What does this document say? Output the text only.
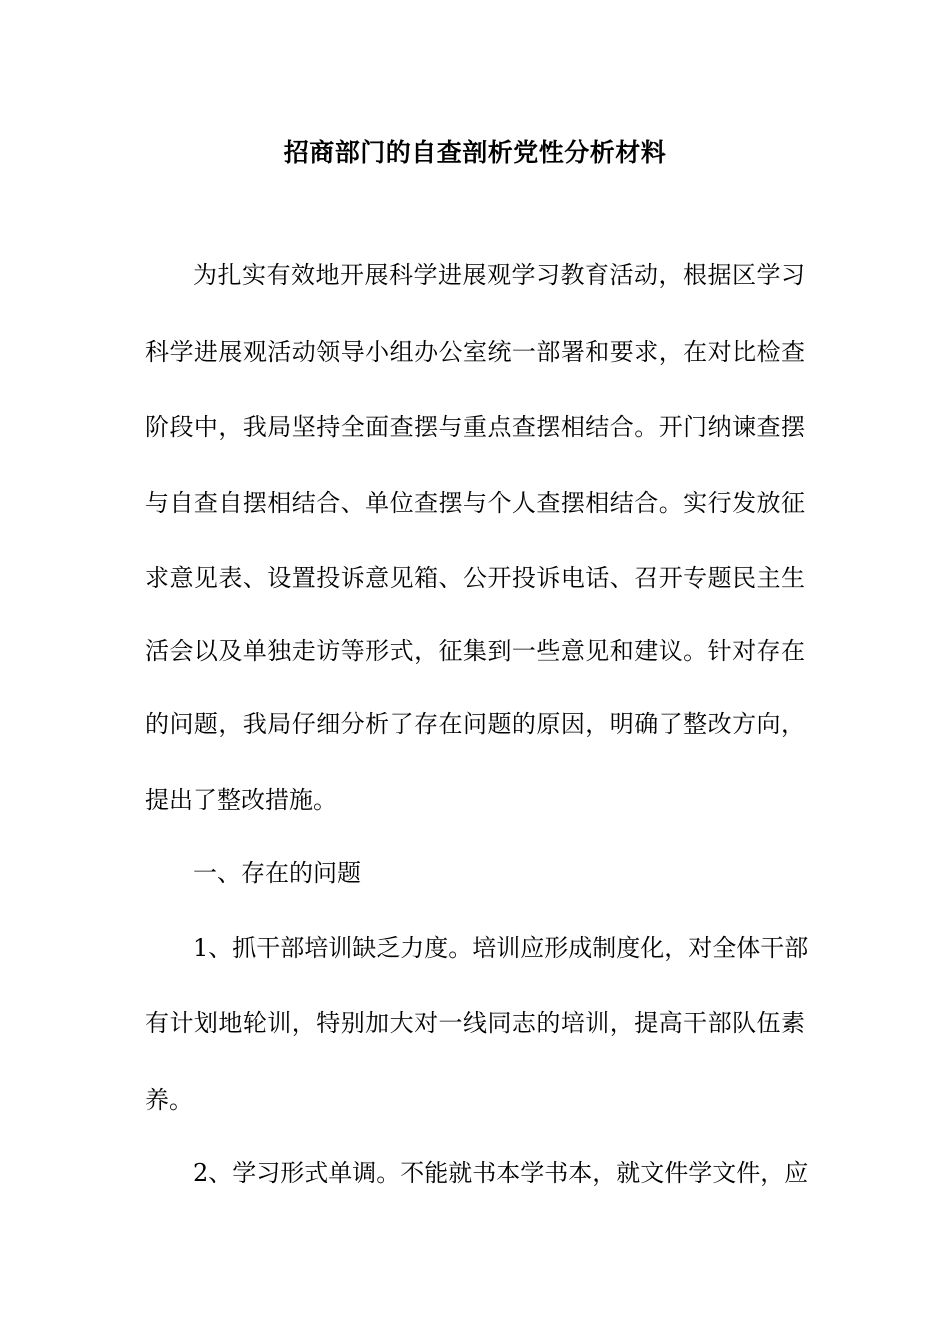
招商部门的自查剖析党性分析材料
为扎实有效地开展科学进展观学习教育活动，根据区学习
科学进展观活动领导小组办公室统一部署和要求，在对比检查
阶段中，我局坚持全面查摆与重点查摆相结合。开门纳谏查摆
与自查自摆相结合、单位查摆与个人查摆相结合。实行发放征
求意见表、设置投诉意见箱、公开投诉电话、召开专题民主生
活会以及单独走访等形式，征集到一些意见和建议。针对存在
的问题，我局仔细分析了存在问题的原因，明确了整改方向，
提出了整改措施。
一、存在的问题
1、抓干部培训缺乏力度。培训应形成制度化，对全体干部
有计划地轮训，特别加大对一线同志的培训，提高干部队伍素
养。
2、学习形式单调。不能就书本学书本，就文件学文件，应
